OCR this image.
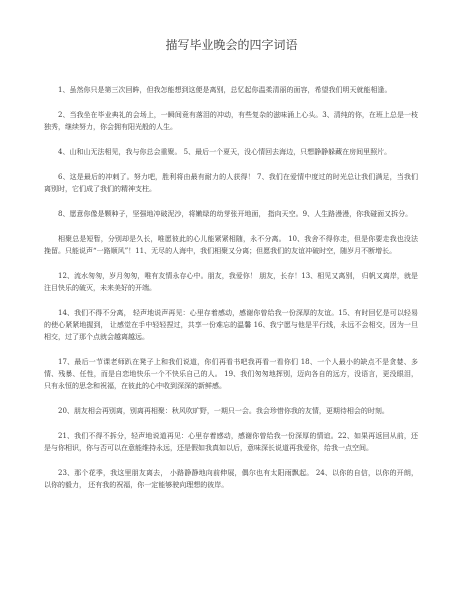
描写毕业晚会的四字词语

1、虽然你只是第三次回眸，但我怎能想到这便是离别，总忆起你温柔清丽的面容，希望我们明天就能相逢。

2、当我坐在毕业典礼的会场上，一瞬间竟有落泪的冲动，有些复杂的滋味涌上心头。3、清纯的你，在班上总是一枝独秀，继续努力，你会拥有阳光般的人生。

4、山和山无法相见，我与你总会重聚。 5、最后一个夏天，没心情回去海边，只想静静躲藏在房间里照片。

6、这是最后的冲刺了。努力吧，胜利将由最有耐力的人获得！ 7、我们在爱情中度过的时光总让我们满足，当我们离别时，它们成了我们的精神支柱。

8、愿意你像是颗种子，坚强地冲破泥沙，将嫩绿的幼芽张开地面， 指向天空。9、人生路漫漫，你我碰面又拆分。

相聚总是短暂，分别却是久长，唯愿彼此的心儿能紧紧相随，永不分离。 10、我舍不得你走，但是你要走我也没法挽留。只能说声“一路顺风”！11、无尽的人海中，我们相聚又分离；但愿我们的友谊冲破时空，随岁月不断增长。

12、流水匆匆，岁月匆匆，唯有友情永存心中。朋友，我爱你！ 朋友，长存！13、相见又离别， 归帆又离岸，就是注目快乐的破灭，未来美好的开端。

14、我们不得不分离， 轻声地说声再见：心里存着感动，感谢你曾给我一份深厚的友谊。15、有时回忆是可以轻易的使心紧紧地握到， 让感觉在手中轻轻捏过，共享一份难忘的温馨 16、我宁愿与他是平行线，永远不会相交，因为一旦相交，过了那个点就会越离越远。

17、最后一节课老师趴在凳子上和我们说道，你们再看书吧我再看一看你们 18、一个人最小的缺点不是贪婪、多情、残暴、任性，而是自恋地快乐一个不快乐自己的人。 19、我们匆匆地挥别，迈向各自的远方，没语言，更没眼泪，只有永恒的思念和祝福，在彼此的心中收到深深的新鲜感。

20、朋友相会再别离，别离再相聚：秋风吹旷野，一期只一会。我会珍惜你我的友情，更期待相会的时刻。

21、我们不得不拆分，轻声地说道再见：心里存着感动，感谢你曾给我一份深厚的情谊。22、如果再返回从前，还是与你相识，你与否可以在意能维持永远，还是假如我真如以后，意味深长说道再我爱你，给我一点空间。

23、那个花季，我这里朋友离去， 小路静静地向前伸展，偶尔也有太阳雨飘起。 24、以你的自信，以你的开朗， 以你的毅力， 还有我的祝福，你一定能够驶向理想的彼岸。
